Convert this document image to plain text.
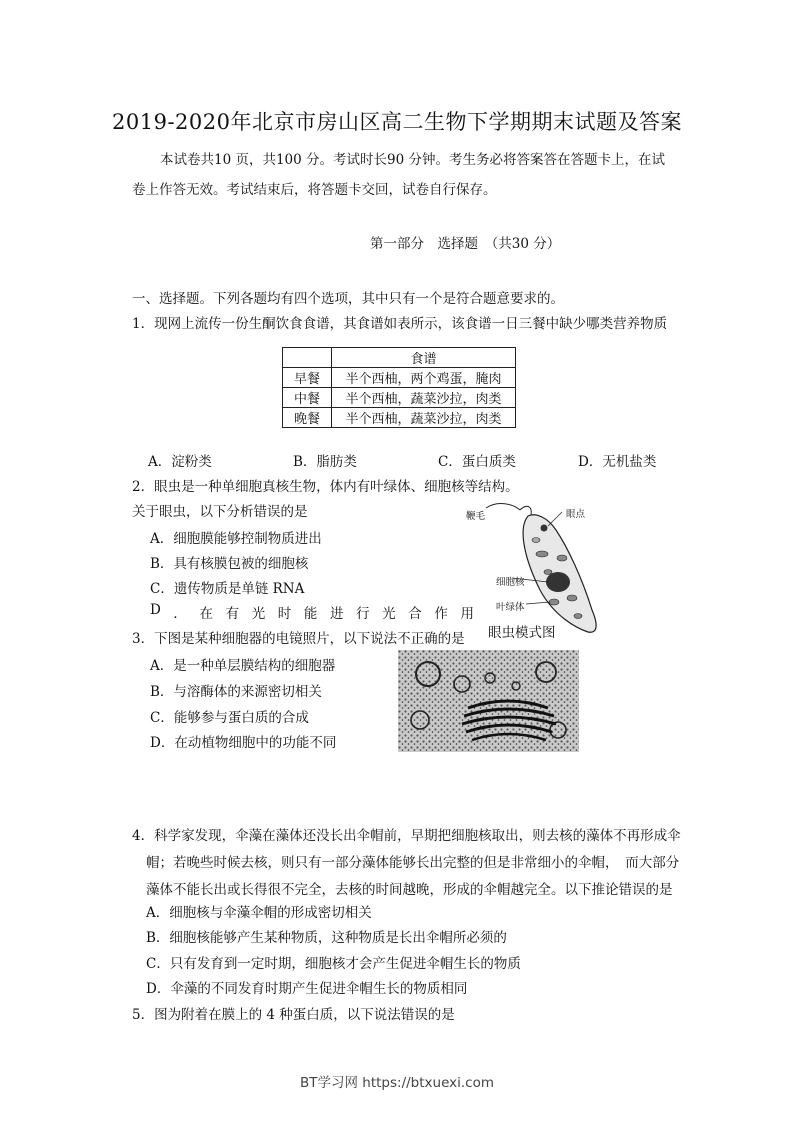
2019-2020年北京市房山区高二生物下学期期末试题及答案

本试卷共10 页，共100 分。考试时长90 分钟。考生务必将答案答在答题卡上，在试

卷上作答无效。考试结束后，将答题卡交回，试卷自行保存。

第一部分　选择题　（共30 分）
一、选择题。下列各题均有四个选项，其中只有一个是符合题意要求的。
1．现网上流传一份生酮饮食食谱，其食谱如表所示，该食谱一日三餐中缺少哪类营养物质
	食谱
早餐	半个西柚，两个鸡蛋，腌肉
中餐	半个西柚，蔬菜沙拉，肉类
晚餐	半个西柚，蔬菜沙拉，肉类
A．淀粉类	B．脂肪类	C．蛋白质类	D．无机盐类
2．眼虫是一种单细胞真核生物，体内有叶绿体、细胞核等结构。
关于眼虫，以下分析错误的是
A．细胞膜能够控制物质进出
B．具有核膜包被的细胞核
C．遗传物质是单链 RNA
D ． 在 有 光 时 能 进 行 光 合 作 用
鞭毛	眼点
细胞核
叶绿体
眼虫模式图
3．下图是某种细胞器的电镜照片，以下说法不正确的是
A．是一种单层膜结构的细胞器
B．与溶酶体的来源密切相关
C．能够参与蛋白质的合成
D．在动植物细胞中的功能不同
4．科学家发现，伞藻在藻体还没长出伞帽前，早期把细胞核取出，则去核的藻体不再形成伞
帽；若晚些时候去核，则只有一部分藻体能够长出完整的但是非常细小的伞帽，　而大部分
藻体不能长出或长得很不完全，去核的时间越晚，形成的伞帽越完全。以下推论错误的是
A．细胞核与伞藻伞帽的形成密切相关
B．细胞核能够产生某种物质，这种物质是长出伞帽所必须的
C．只有发育到一定时期，细胞核才会产生促进伞帽生长的物质
D．伞藻的不同发育时期产生促进伞帽生长的物质相同
5．图为附着在膜上的 4 种蛋白质，以下说法错误的是
BT学习网 https://btxuexi.com
